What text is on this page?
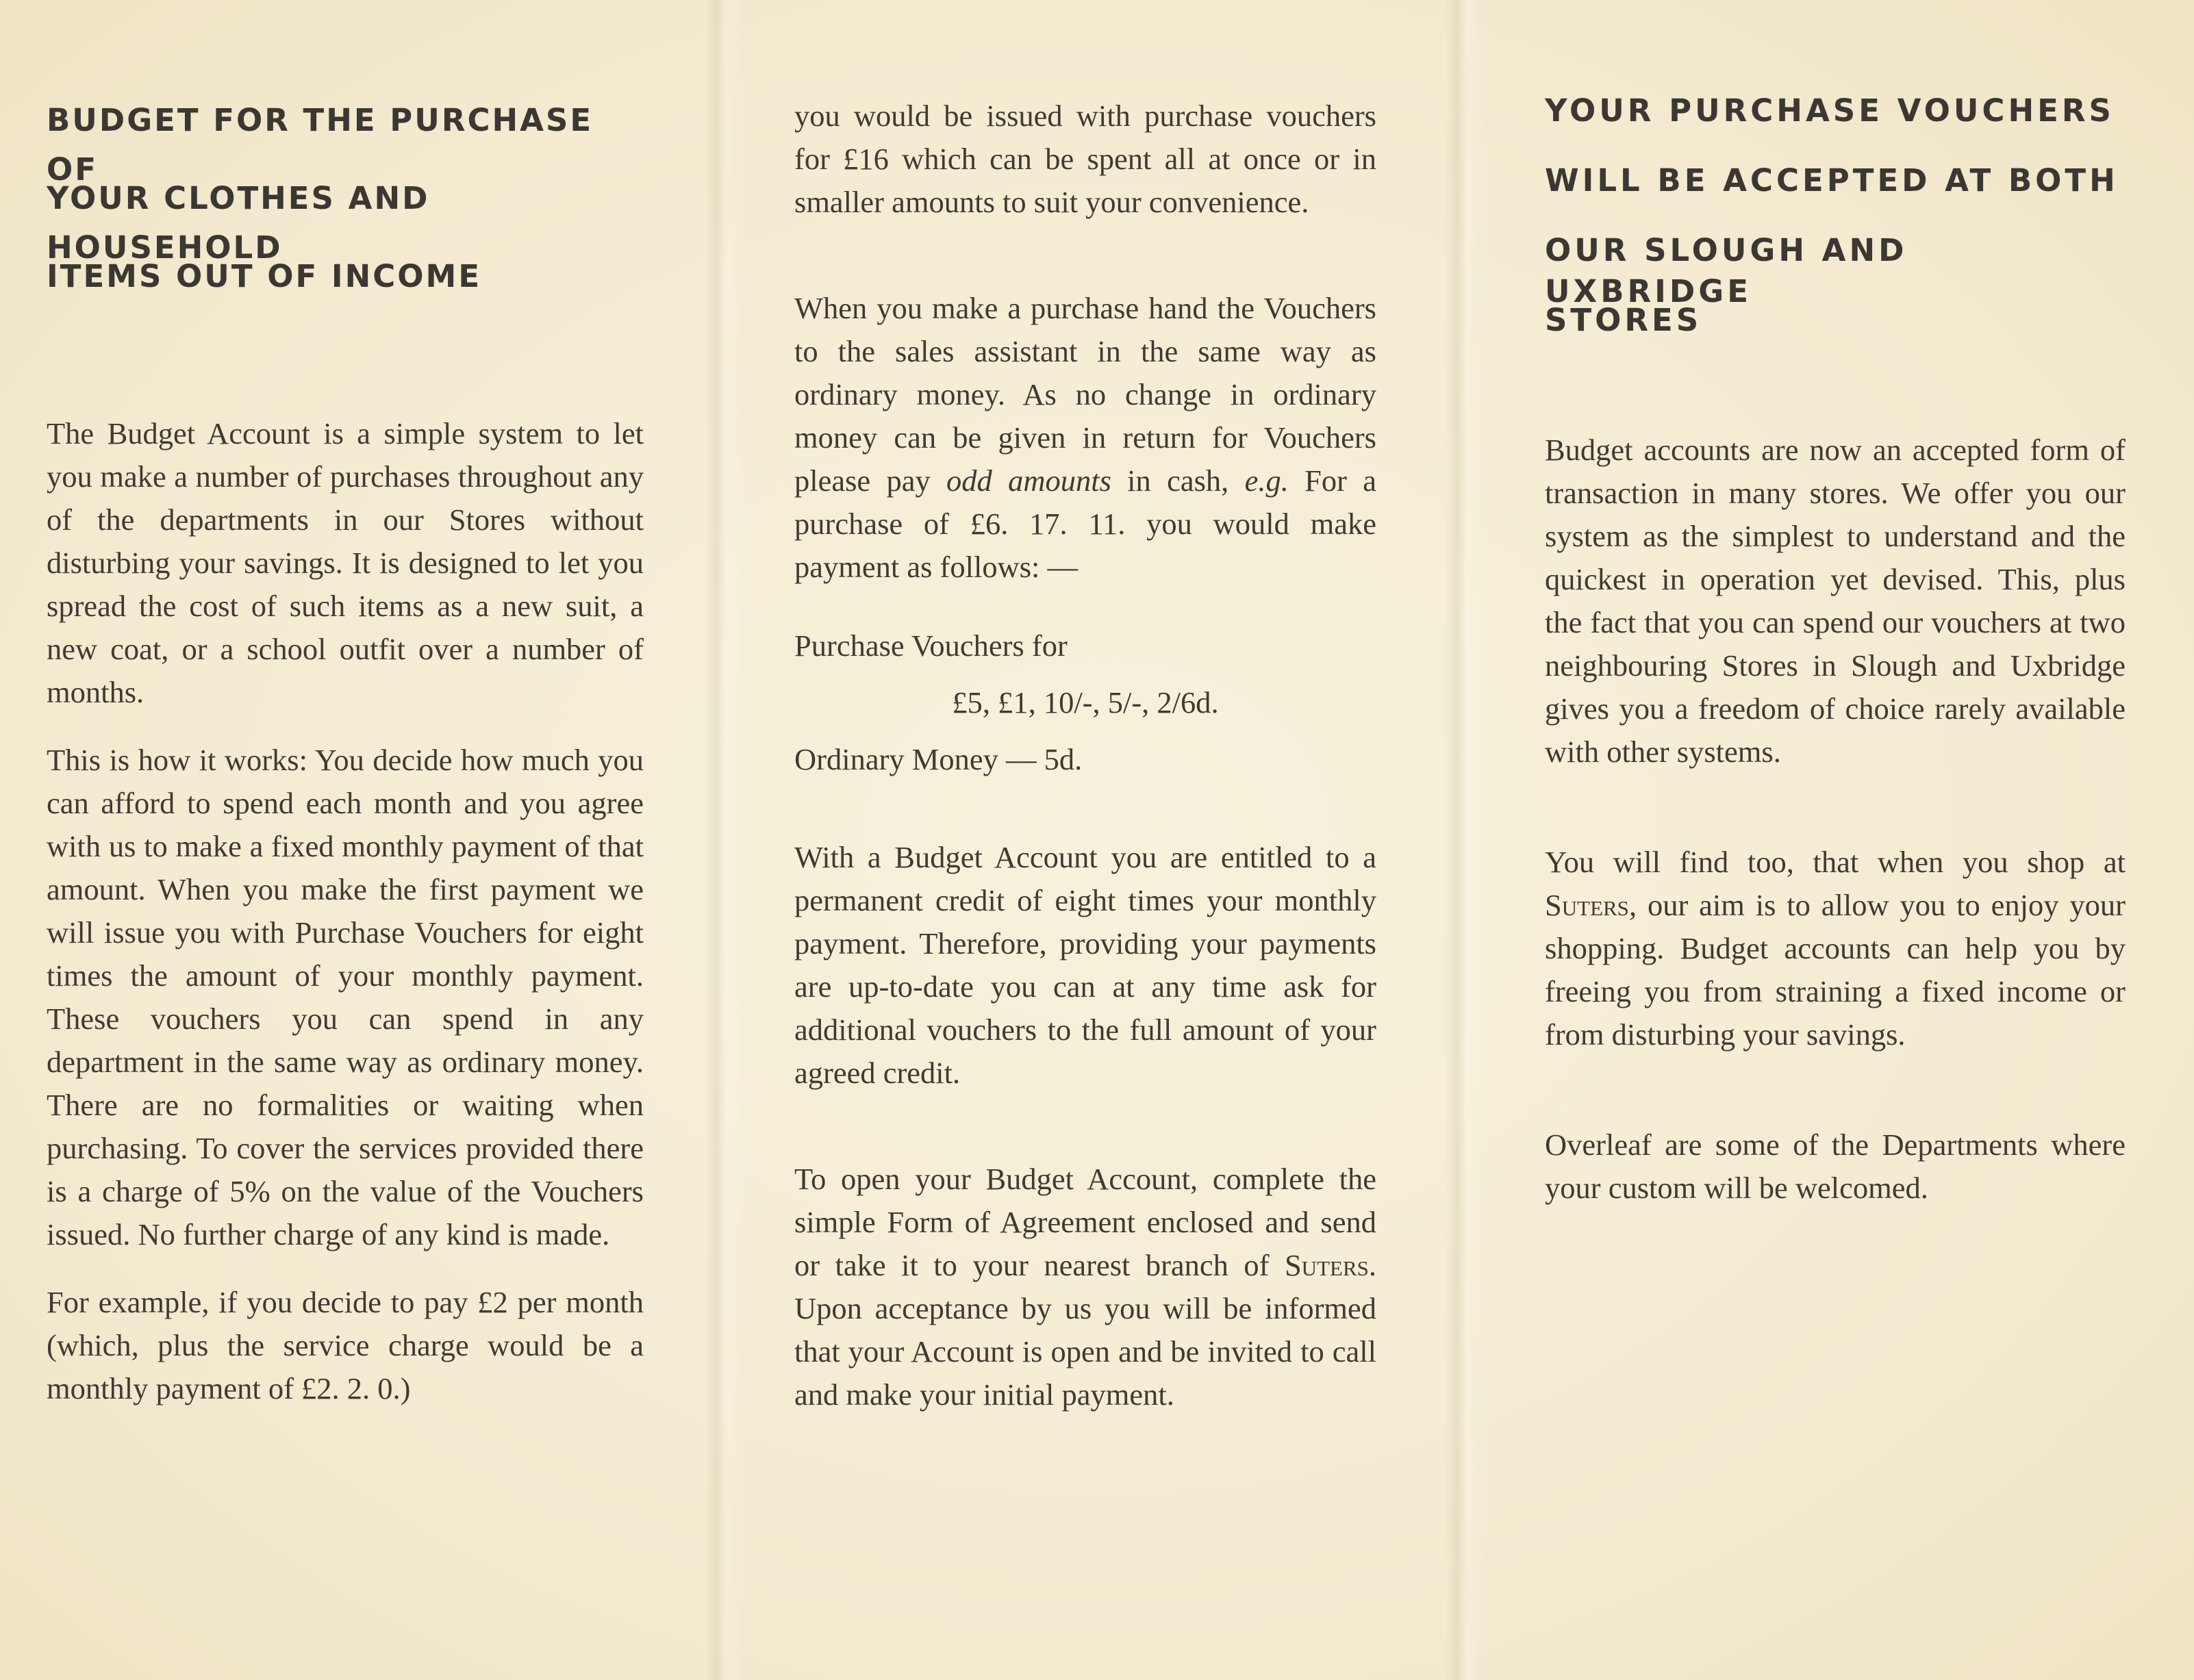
BUDGET FOR THE PURCHASE OF
YOUR CLOTHES AND HOUSEHOLD
ITEMS OUT OF INCOME

The Budget Account is a simple system to let you make a number of purchases throughout any of the departments in our Stores without disturbing your savings. It is designed to let you spread the cost of such items as a new suit, a new coat, or a school outfit over a number of months.

This is how it works: You decide how much you can afford to spend each month and you agree with us to make a fixed monthly payment of that amount. When you make the first payment we will issue you with Purchase Vouchers for eight times the amount of your monthly payment. These vouchers you can spend in any department in the same way as ordinary money. There are no formalities or waiting when purchasing. To cover the services provided there is a charge of 5% on the value of the Vouchers issued. No further charge of any kind is made.

For example, if you decide to pay £2 per month (which, plus the service charge would be a monthly payment of £2. 2. 0.)

you would be issued with purchase vouchers for £16 which can be spent all at once or in smaller amounts to suit your convenience.

When you make a purchase hand the Vouchers to the sales assistant in the same way as ordinary money. As no change in ordinary money can be given in return for Vouchers please pay odd amounts in cash, e.g. For a purchase of £6. 17. 11. you would make payment as follows: —

Purchase Vouchers for
£5, £1, 10/-, 5/-, 2/6d.
Ordinary Money — 5d.

With a Budget Account you are entitled to a permanent credit of eight times your monthly payment. Therefore, providing your payments are up-to-date you can at any time ask for additional vouchers to the full amount of your agreed credit.

To open your Budget Account, complete the simple Form of Agreement enclosed and send or take it to your nearest branch of Suters. Upon acceptance by us you will be informed that your Account is open and be invited to call and make your initial payment.

YOUR PURCHASE VOUCHERS
WILL BE ACCEPTED AT BOTH
OUR SLOUGH AND UXBRIDGE
STORES

Budget accounts are now an accepted form of transaction in many stores. We offer you our system as the simplest to understand and the quickest in operation yet devised. This, plus the fact that you can spend our vouchers at two neighbouring Stores in Slough and Uxbridge gives you a freedom of choice rarely available with other systems.

You will find too, that when you shop at Suters, our aim is to allow you to enjoy your shopping. Budget accounts can help you by freeing you from straining a fixed income or from disturbing your savings.

Overleaf are some of the Departments where your custom will be welcomed.
